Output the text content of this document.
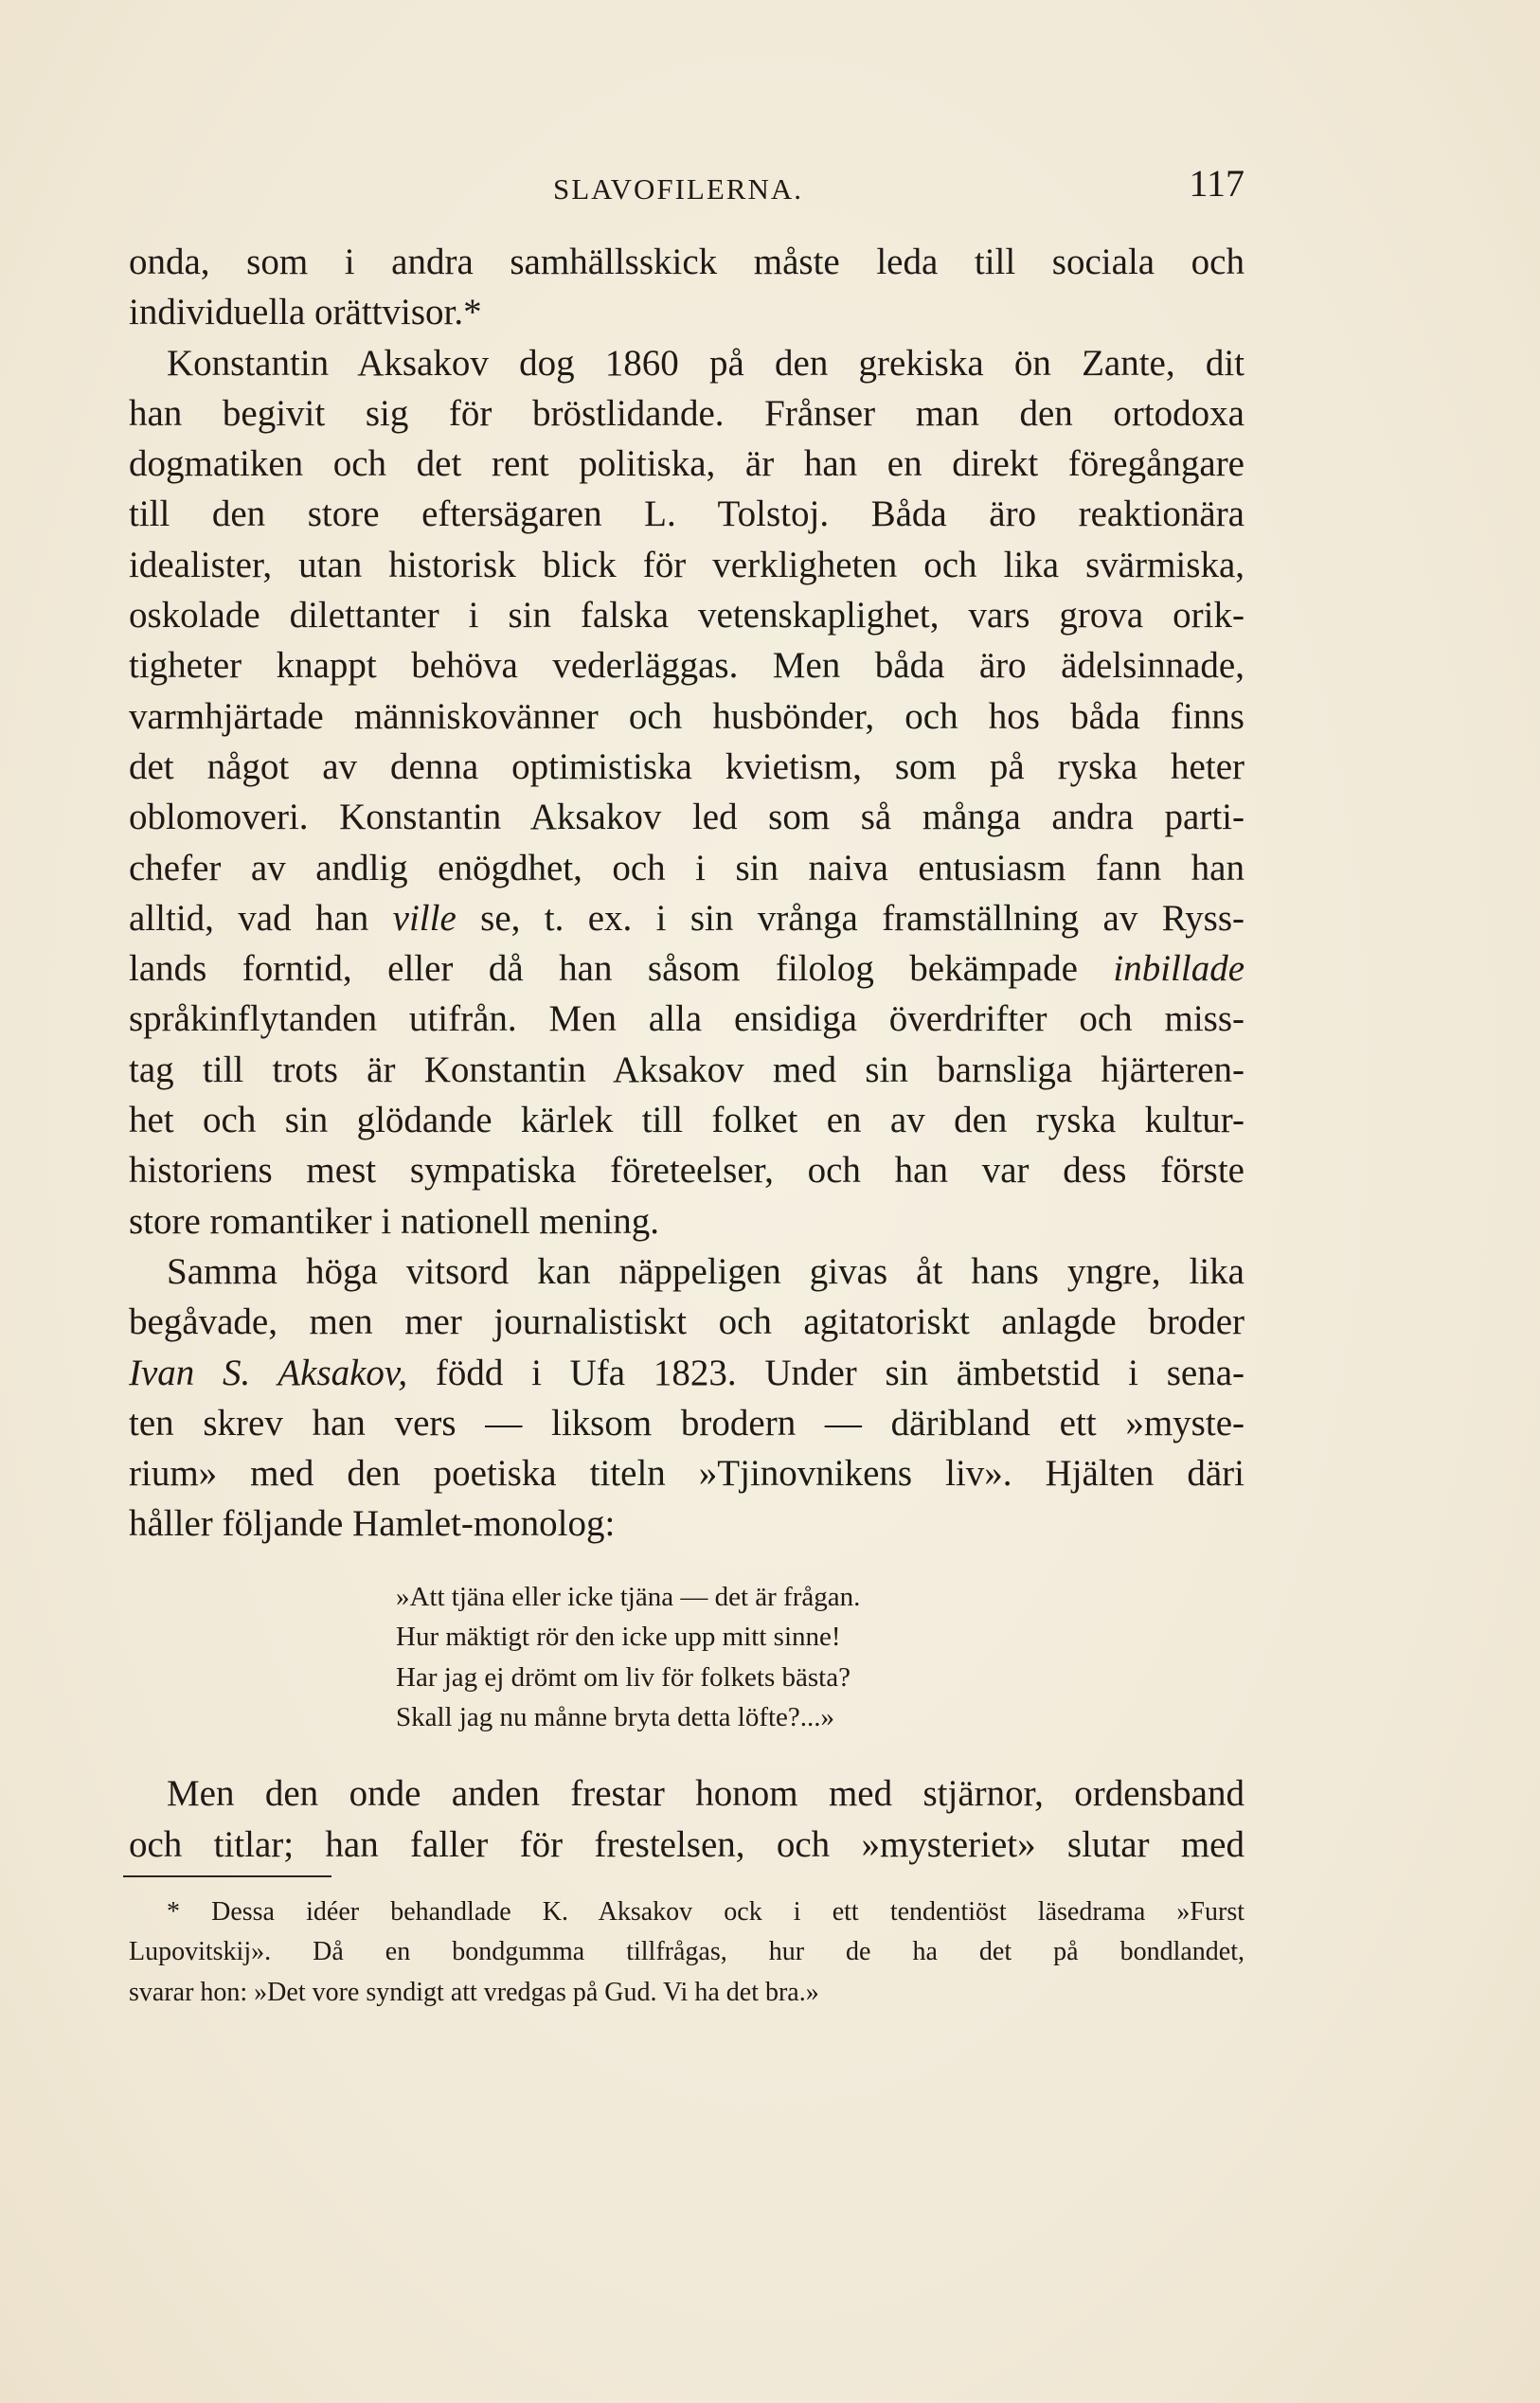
SLAVOFILERNA.	117
onda, som i andra samhällsskick måste leda till sociala och
individuella orättvisor.*
Konstantin Aksakov dog 1860 på den grekiska ön Zante, dit
han begivit sig för bröstlidande. Frånser man den ortodoxa
dogmatiken och det rent politiska, är han en direkt föregångare
till den store eftersägaren L. Tolstoj. Båda äro reaktionära
idealister, utan historisk blick för verkligheten och lika svärmiska,
oskolade dilettanter i sin falska vetenskaplighet, vars grova orik-
tigheter knappt behöva vederläggas. Men båda äro ädelsinnade,
varmhjärtade människovänner och husbönder, och hos båda finns
det något av denna optimistiska kvietism, som på ryska heter
oblomoveri. Konstantin Aksakov led som så många andra parti-
chefer av andlig enögdhet, och i sin naiva entusiasm fann han
alltid, vad han ville se, t. ex. i sin vrånga framställning av Ryss-
lands forntid, eller då han såsom filolog bekämpade inbillade
språkinflytanden utifrån. Men alla ensidiga överdrifter och miss-
tag till trots är Konstantin Aksakov med sin barnsliga hjärteren-
het och sin glödande kärlek till folket en av den ryska kultur-
historiens mest sympatiska företeelser, och han var dess förste
store romantiker i nationell mening.
Samma höga vitsord kan näppeligen givas åt hans yngre, lika
begåvade, men mer journalistiskt och agitatoriskt anlagde broder
Ivan S. Aksakov, född i Ufa 1823. Under sin ämbetstid i sena-
ten skrev han vers — liksom brodern — däribland ett »myste-
rium» med den poetiska titeln »Tjinovnikens liv». Hjälten däri
håller följande Hamlet-monolog:
»Att tjäna eller icke tjäna — det är frågan.
Hur mäktigt rör den icke upp mitt sinne!
Har jag ej drömt om liv för folkets bästa?
Skall jag nu månne bryta detta löfte?...»
Men den onde anden frestar honom med stjärnor, ordensband
och titlar; han faller för frestelsen, och »mysteriet» slutar med
* Dessa idéer behandlade K. Aksakov ock i ett tendentiöst läsedrama »Furst
Lupovitskij». Då en bondgumma tillfrågas, hur de ha det på bondlandet,
svarar hon: »Det vore syndigt att vredgas på Gud. Vi ha det bra.»
